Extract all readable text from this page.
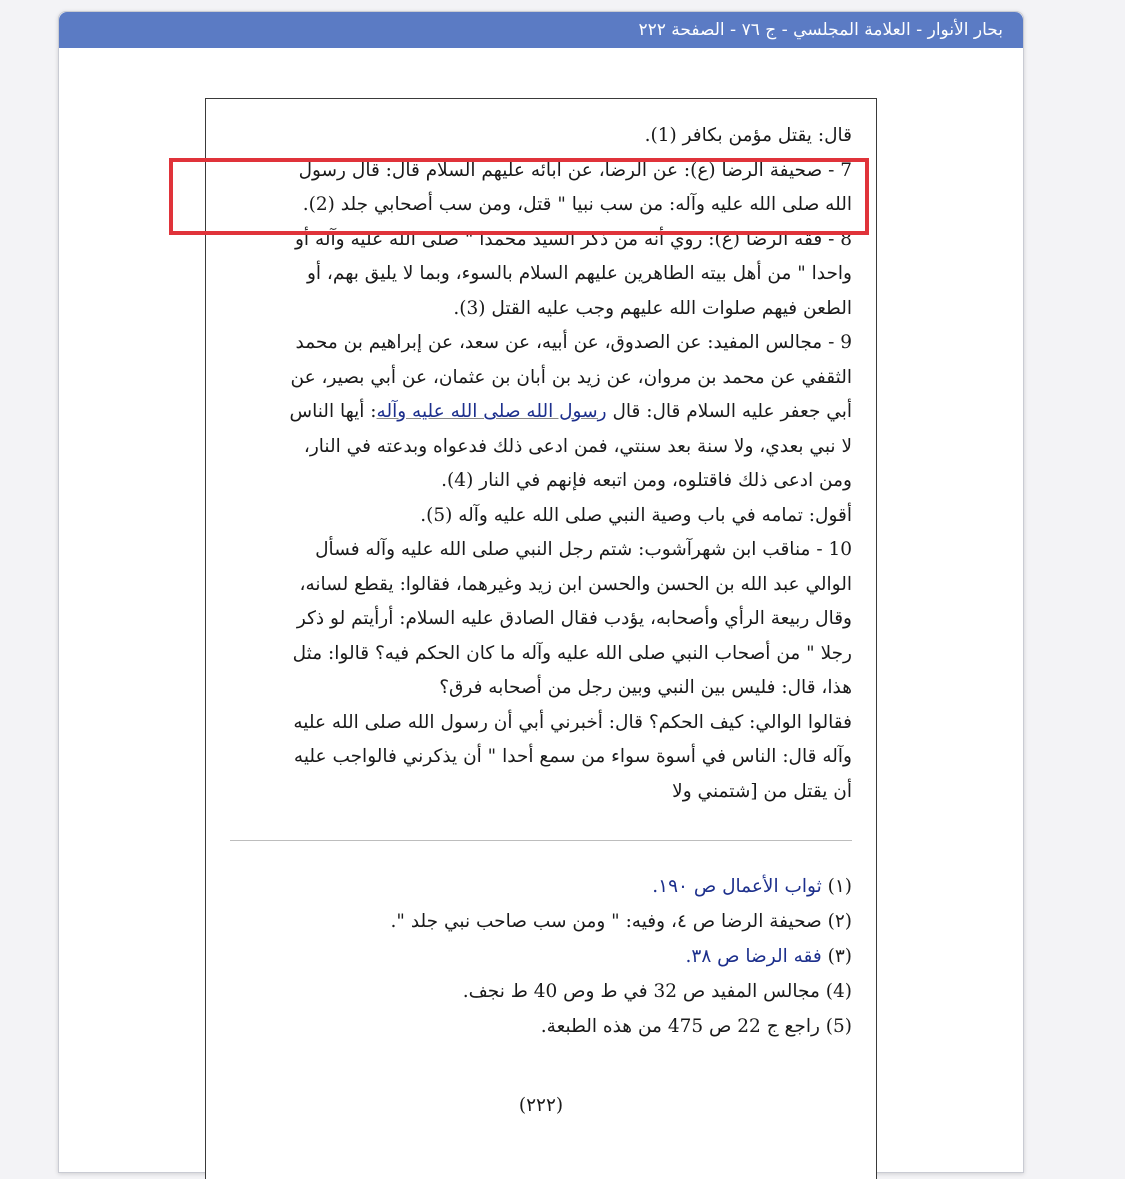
بحار الأنوار - العلامة المجلسي - ج ٧٦ - الصفحة ٢٢٢
قال: يقتل مؤمن بكافر (1).
7 - صحيفة الرضا (ع): عن الرضا، عن آبائه عليهم السلام قال: قال رسول
الله صلى الله عليه وآله: من سب نبيا " قتل، ومن سب أصحابي جلد (2).
8 - فقه الرضا (ع): روي أنه من ذكر السيد محمدا " صلى الله عليه وآله أو
واحدا " من أهل بيته الطاهرين عليهم السلام بالسوء، وبما لا يليق بهم، أو
الطعن فيهم صلوات الله عليهم وجب عليه القتل (3).
9 - مجالس المفيد: عن الصدوق، عن أبيه، عن سعد، عن إبراهيم بن محمد
الثقفي عن محمد بن مروان، عن زيد بن أبان بن عثمان، عن أبي بصير، عن
أبي جعفر عليه السلام قال: قال رسول الله صلى الله عليه وآله: أيها الناس
لا نبي بعدي، ولا سنة بعد سنتي، فمن ادعى ذلك فدعواه وبدعته في النار،
ومن ادعى ذلك فاقتلوه، ومن اتبعه فإنهم في النار (4).
أقول: تمامه في باب وصية النبي صلى الله عليه وآله (5).
10 - مناقب ابن شهرآشوب: شتم رجل النبي صلى الله عليه وآله فسأل
الوالي عبد الله بن الحسن والحسن ابن زيد وغيرهما، فقالوا: يقطع لسانه،
وقال ربيعة الرأي وأصحابه، يؤدب فقال الصادق عليه السلام: أرأيتم لو ذكر
رجلا " من أصحاب النبي صلى الله عليه وآله ما كان الحكم فيه؟ قالوا: مثل
هذا، قال: فليس بين النبي وبين رجل من أصحابه فرق؟
فقالوا الوالي: كيف الحكم؟ قال: أخبرني أبي أن رسول الله صلى الله عليه
وآله قال: الناس في أسوة سواء من سمع أحدا " أن يذكرني فالواجب عليه
أن يقتل من [شتمني ولا
(١) ثواب الأعمال ص ١٩٠.
(٢) صحيفة الرضا ص ٤، وفيه: " ومن سب صاحب نبي جلد ".
(٣) فقه الرضا ص ٣٨.
(4) مجالس المفيد ص 32 في ط وص 40 ط نجف.
(5) راجع ج 22 ص 475 من هذه الطبعة.
(٢٢٢)
